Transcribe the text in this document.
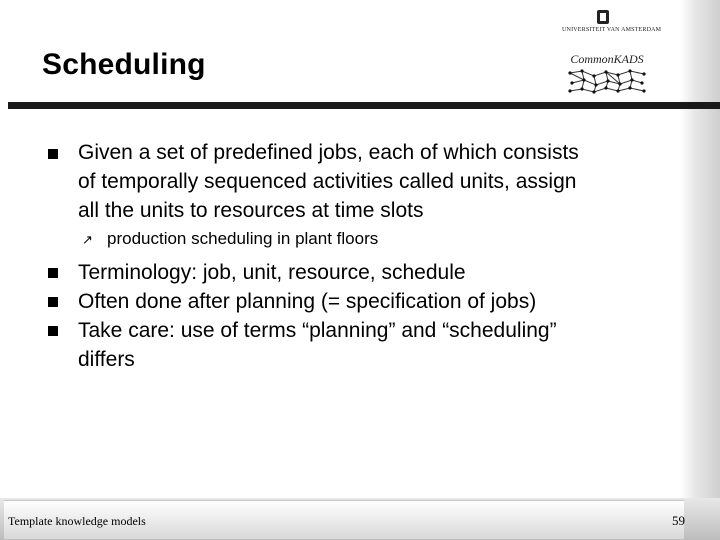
UNIVERSITEIT VAN AMSTERDAM
CommonKADS
Scheduling

Given a set of predefined jobs, each of which consists

of temporally sequenced activities called units, assign

all the units to resources at time slots

↗ production scheduling in plant floors

Terminology: job, unit, resource, schedule

Often done after planning (= specification of jobs)

Take care: use of terms “planning” and “scheduling”

differs

Template knowledge models	59
